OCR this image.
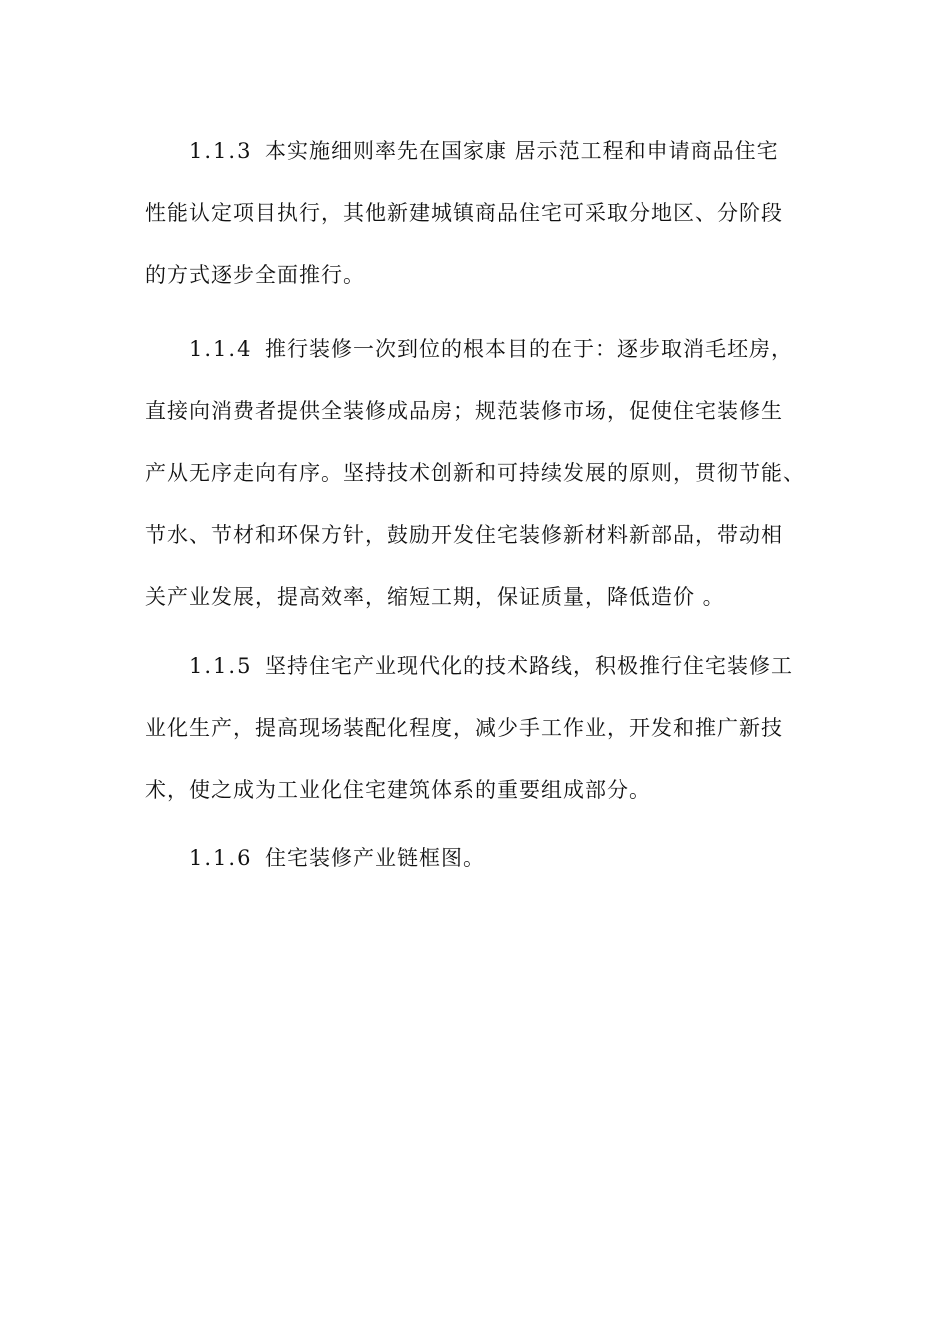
1.1.3 本实施细则率先在国家康 居示范工程和申请商品住宅
性能认定项目执行，其他新建城镇商品住宅可采取分地区、分阶段
的方式逐步全面推行。
1.1.4 推行装修一次到位的根本目的在于：逐步取消毛坯房，
直接向消费者提供全装修成品房；规范装修市场，促使住宅装修生
产从无序走向有序。坚持技术创新和可持续发展的原则，贯彻节能、
节水、节材和环保方针，鼓励开发住宅装修新材料新部品，带动相
关产业发展，提高效率，缩短工期，保证质量，降低造价 。
1.1.5 坚持住宅产业现代化的技术路线，积极推行住宅装修工
业化生产，提高现场装配化程度，减少手工作业，开发和推广新技
术，使之成为工业化住宅建筑体系的重要组成部分。
1.1.6 住宅装修产业链框图。
